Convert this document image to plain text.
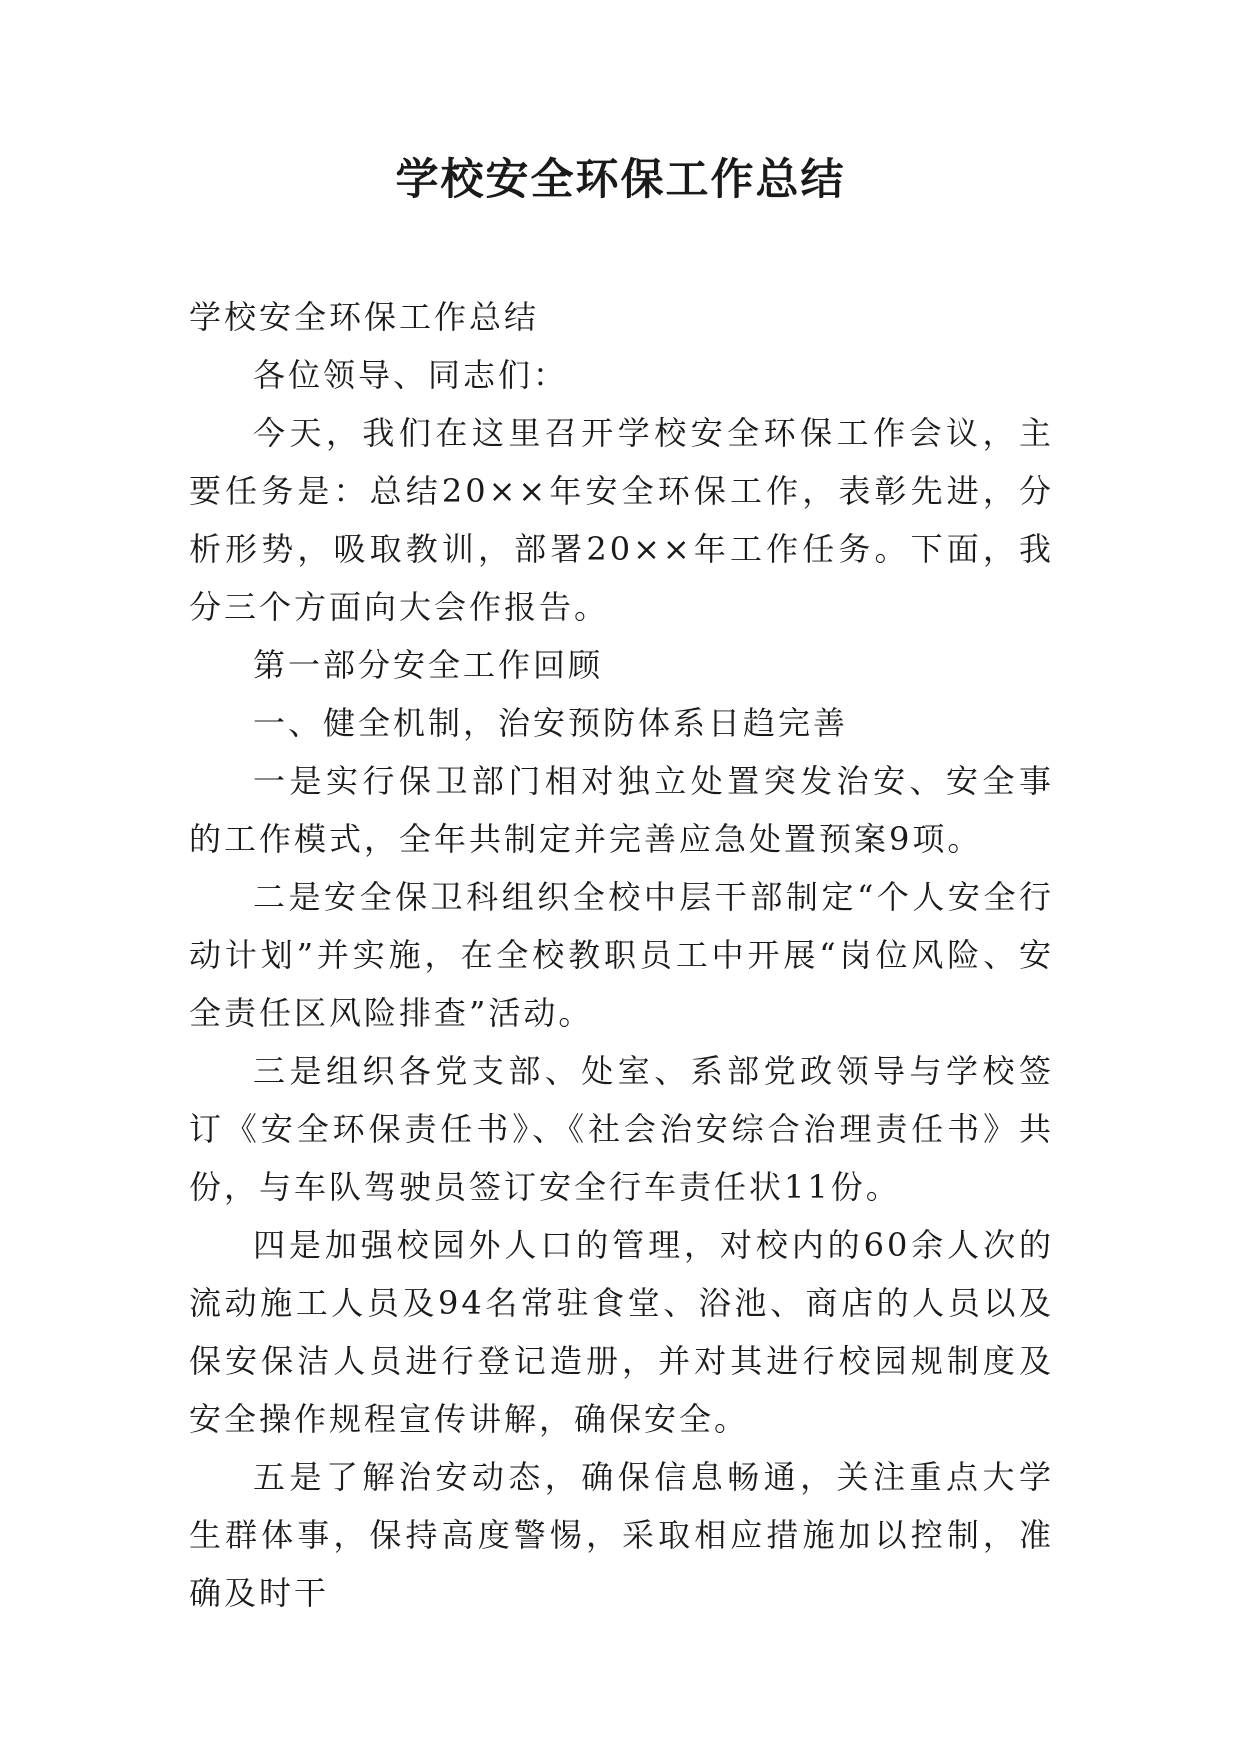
学校安全环保工作总结

学校安全环保工作总结

各位领导、同志们：

今天，我们在这里召开学校安全环保工作会议，主要任务是：总结20××年安全环保工作，表彰先进，分析形势，吸取教训，部署20××年工作任务。下面，我分三个方面向大会作报告。

第一部分安全工作回顾

一、健全机制，治安预防体系日趋完善

一是实行保卫部门相对独立处置突发治安、安全事的工作模式，全年共制定并完善应急处置预案9项。

二是安全保卫科组织全校中层干部制定“个人安全行动计划”并实施，在全校教职员工中开展“岗位风险、安全责任区风险排查”活动。

三是组织各党支部、处室、系部党政领导与学校签订《安全环保责任书》、《社会治安综合治理责任书》共份，与车队驾驶员签订安全行车责任状11份。

四是加强校园外人口的管理，对校内的60余人次的流动施工人员及94名常驻食堂、浴池、商店的人员以及保安保洁人员进行登记造册，并对其进行校园规制度及安全操作规程宣传讲解，确保安全。

五是了解治安动态，确保信息畅通，关注重点大学生群体事，保持高度警惕，采取相应措施加以控制，准确及时干
